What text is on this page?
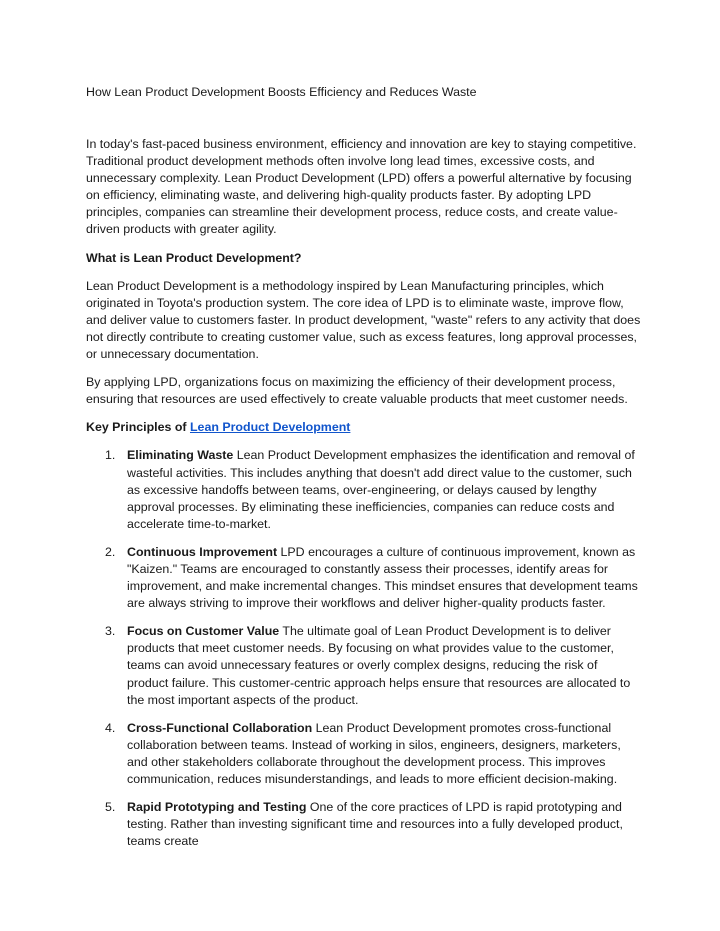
How Lean Product Development Boosts Efficiency and Reduces Waste

In today's fast-paced business environment, efficiency and innovation are key to staying competitive. Traditional product development methods often involve long lead times, excessive costs, and unnecessary complexity. Lean Product Development (LPD) offers a powerful alternative by focusing on efficiency, eliminating waste, and delivering high-quality products faster. By adopting LPD principles, companies can streamline their development process, reduce costs, and create value-driven products with greater agility.

What is Lean Product Development?

Lean Product Development is a methodology inspired by Lean Manufacturing principles, which originated in Toyota's production system. The core idea of LPD is to eliminate waste, improve flow, and deliver value to customers faster. In product development, "waste" refers to any activity that does not directly contribute to creating customer value, such as excess features, long approval processes, or unnecessary documentation.

By applying LPD, organizations focus on maximizing the efficiency of their development process, ensuring that resources are used effectively to create valuable products that meet customer needs.

Key Principles of Lean Product Development
1. Eliminating Waste Lean Product Development emphasizes the identification and removal of wasteful activities. This includes anything that doesn't add direct value to the customer, such as excessive handoffs between teams, over-engineering, or delays caused by lengthy approval processes. By eliminating these inefficiencies, companies can reduce costs and accelerate time-to-market.
2. Continuous Improvement LPD encourages a culture of continuous improvement, known as "Kaizen." Teams are encouraged to constantly assess their processes, identify areas for improvement, and make incremental changes. This mindset ensures that development teams are always striving to improve their workflows and deliver higher-quality products faster.
3. Focus on Customer Value The ultimate goal of Lean Product Development is to deliver products that meet customer needs. By focusing on what provides value to the customer, teams can avoid unnecessary features or overly complex designs, reducing the risk of product failure. This customer-centric approach helps ensure that resources are allocated to the most important aspects of the product.
4. Cross-Functional Collaboration Lean Product Development promotes cross-functional collaboration between teams. Instead of working in silos, engineers, designers, marketers, and other stakeholders collaborate throughout the development process. This improves communication, reduces misunderstandings, and leads to more efficient decision-making.
5. Rapid Prototyping and Testing One of the core practices of LPD is rapid prototyping and testing. Rather than investing significant time and resources into a fully developed product, teams create
